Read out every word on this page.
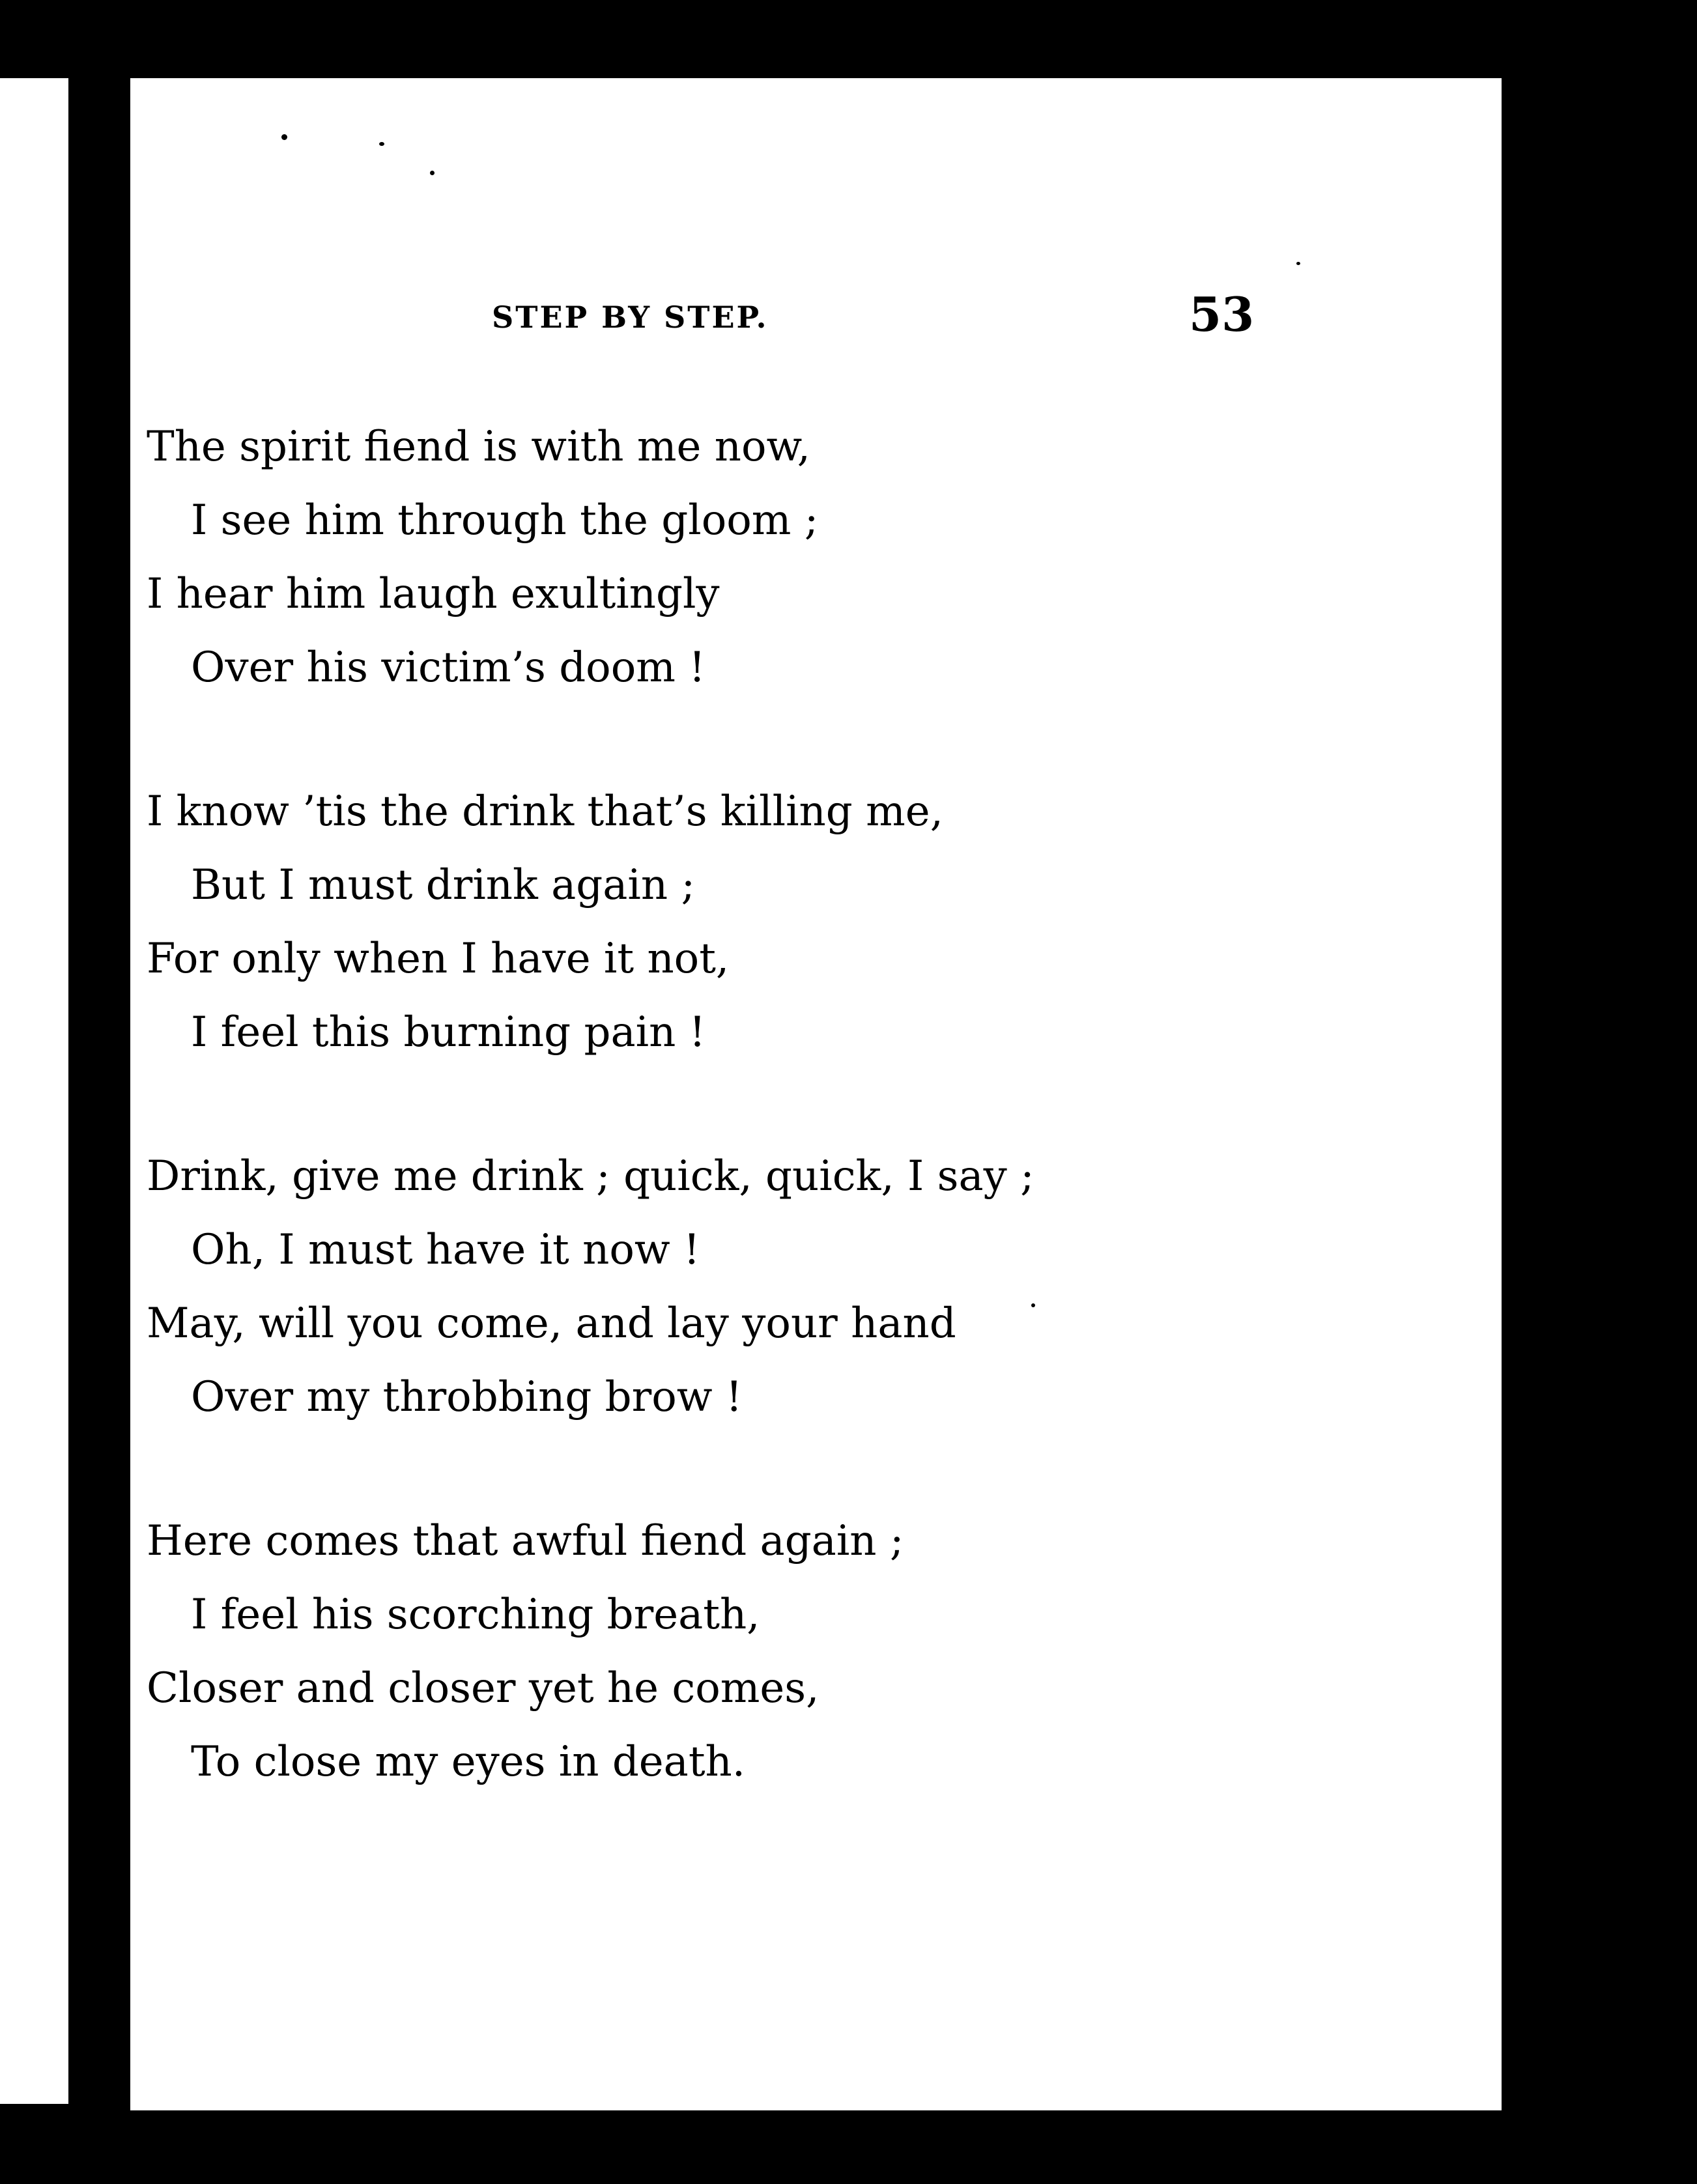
STEP BY STEP.	53
The spirit fiend is with me now,
I see him through the gloom ;
I hear him laugh exultingly
Over his victim’s doom !
I know ’tis the drink that’s killing me,
But I must drink again ;
For only when I have it not,
I feel this burning pain !
Drink, give me drink ; quick, quick, I say ;
Oh, I must have it now !
May, will you come, and lay your hand
Over my throbbing brow !
Here comes that awful fiend again ;
I feel his scorching breath,
Closer and closer yet he comes,
To close my eyes in death.
